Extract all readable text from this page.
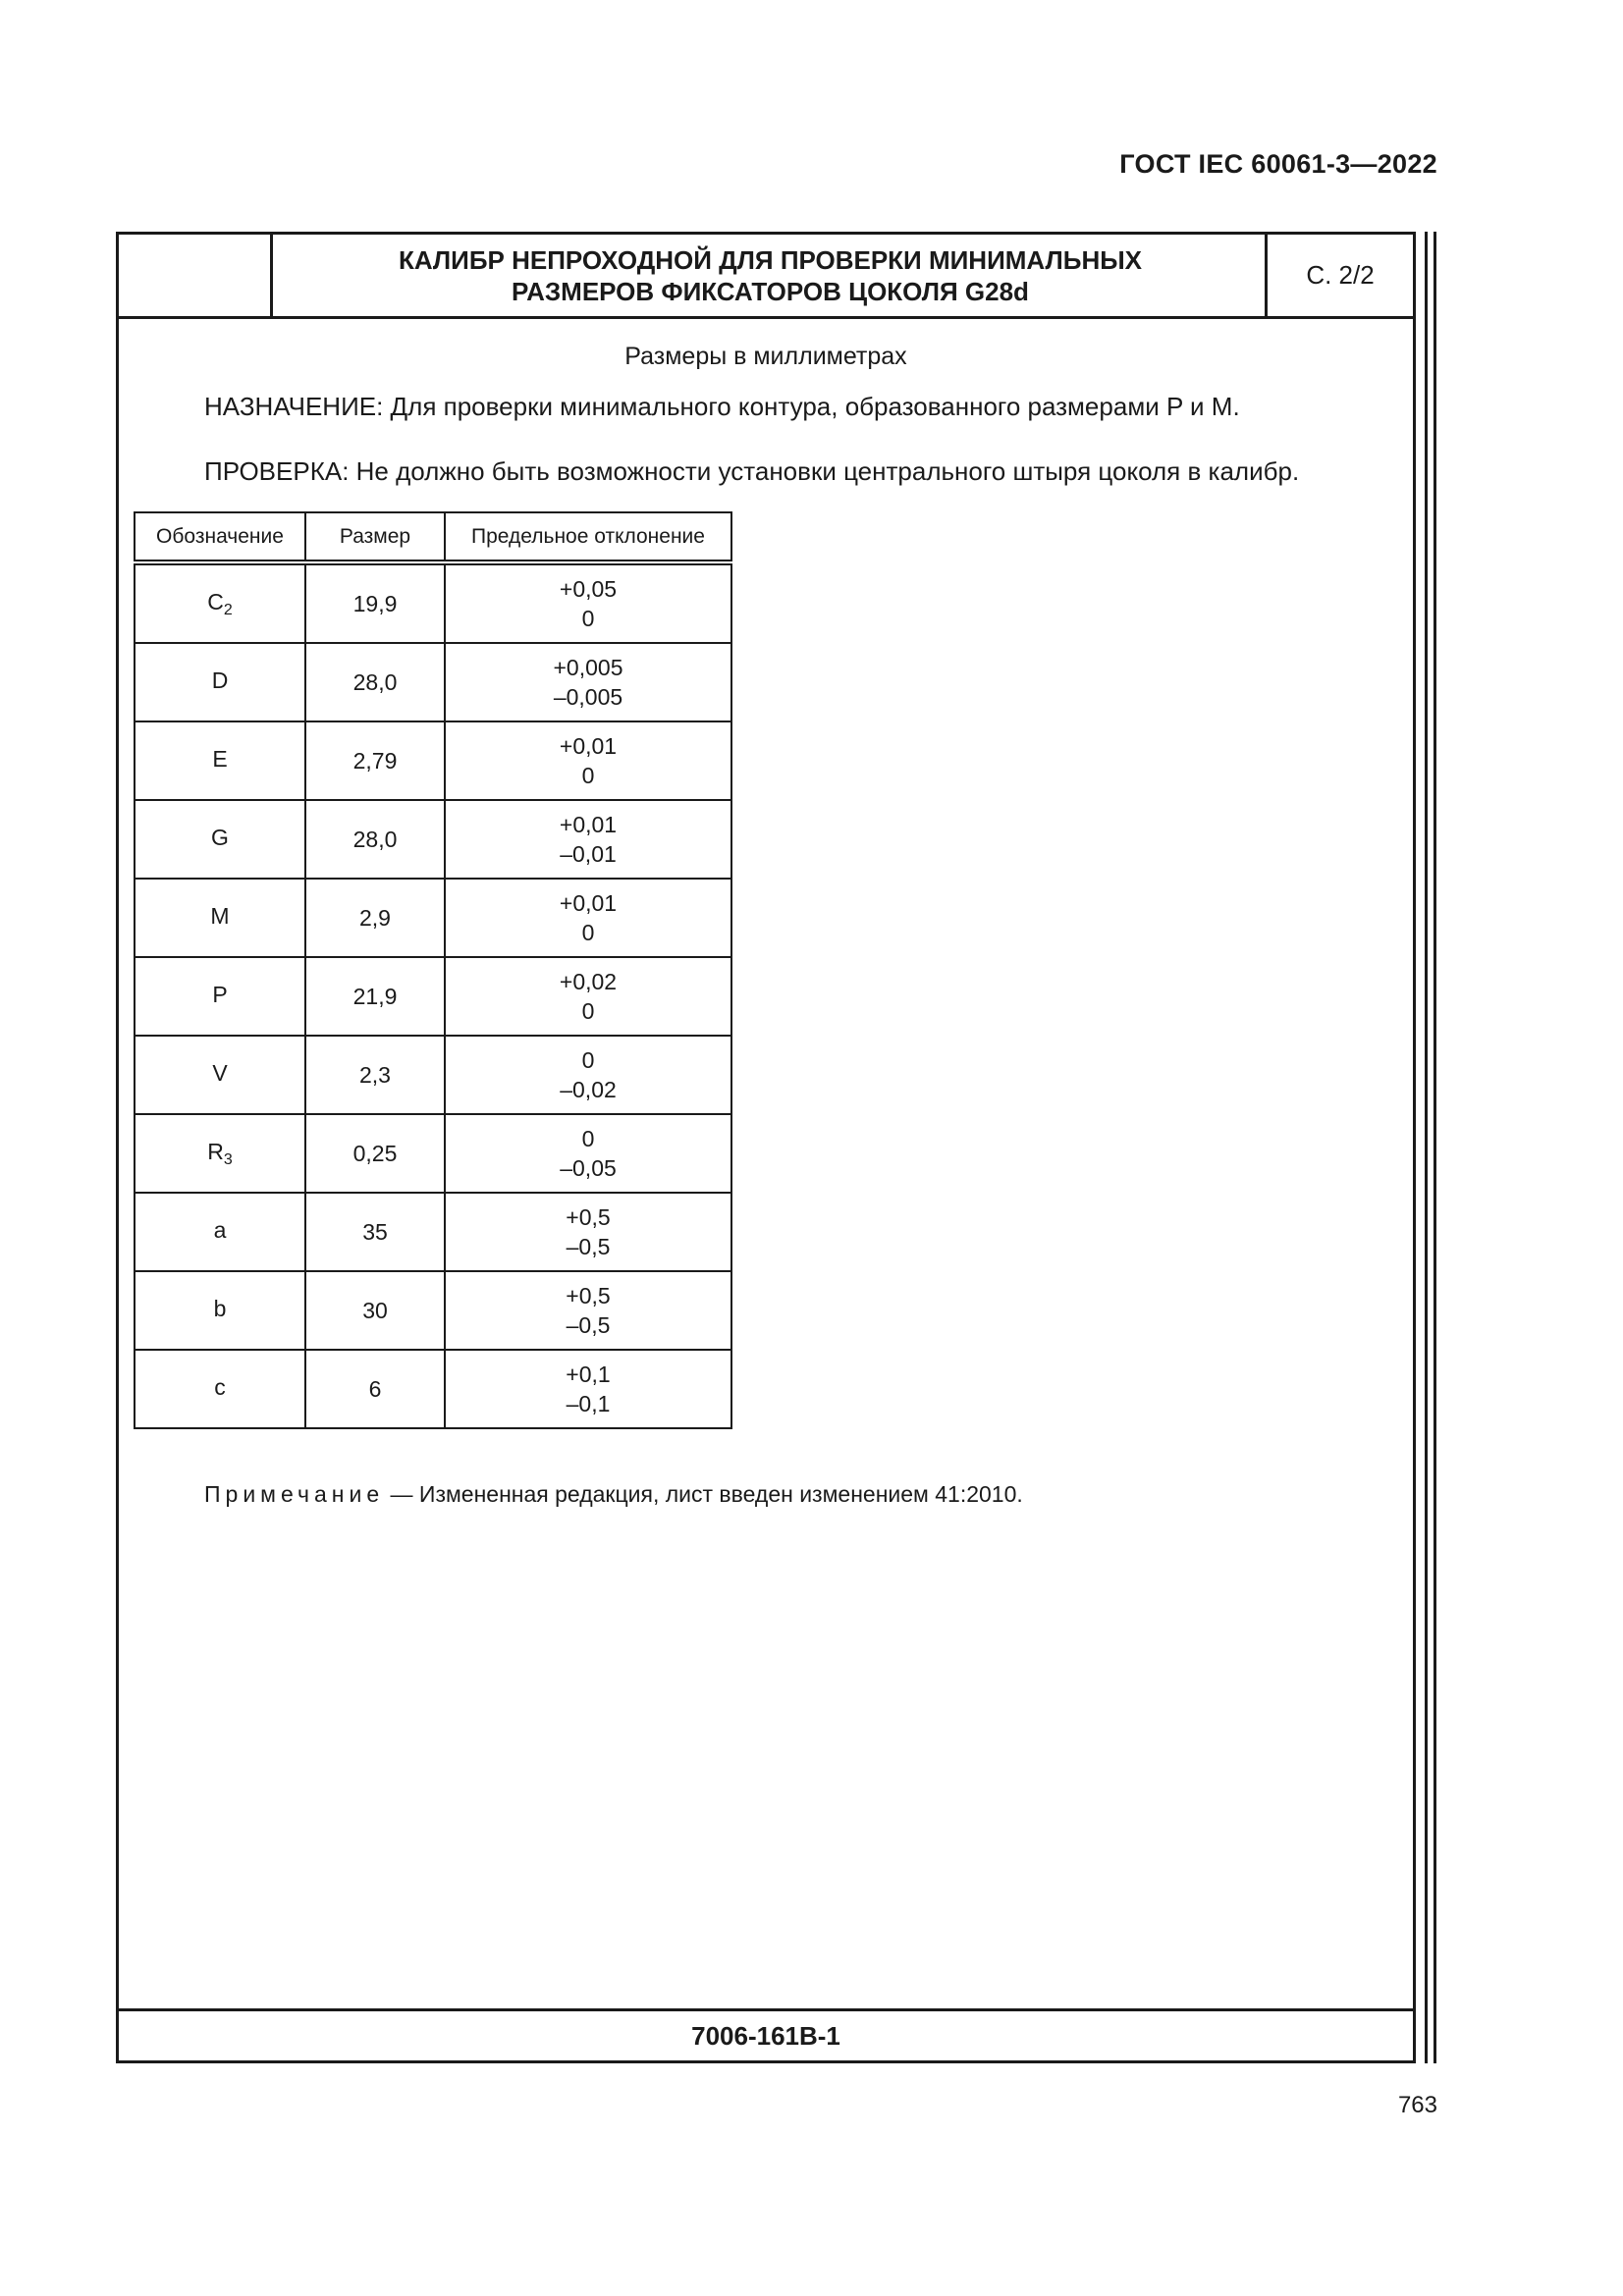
ГОСТ IEC 60061-3—2022
КАЛИБР НЕПРОХОДНОЙ ДЛЯ ПРОВЕРКИ МИНИМАЛЬНЫХ
РАЗМЕРОВ ФИКСАТОРОВ ЦОКОЛЯ G28d
С. 2/2
Размеры в миллиметрах
НАЗНАЧЕНИЕ: Для проверки минимального контура, образованного размерами P и M.
ПРОВЕРКА: Не должно быть возможности установки центрального штыря цоколя в калибр.
Обозначение	Размер	Предельное отклонение
$C_2$	19,9	+0,05
0

D	28,0	+0,005
–0,005

E	2,79	+0,01
0

G	28,0	+0,01
–0,01

M	2,9	+0,01
0

P	21,9	+0,02
0

V	2,3	0
–0,02

$R_3$	0,25	0
–0,05

a	35	+0,5
–0,5

b	30	+0,5
–0,5

c	6	+0,1
–0,1
Примечание — Измененная редакция, лист введен изменением 41:2010.
7006-161B-1
763
